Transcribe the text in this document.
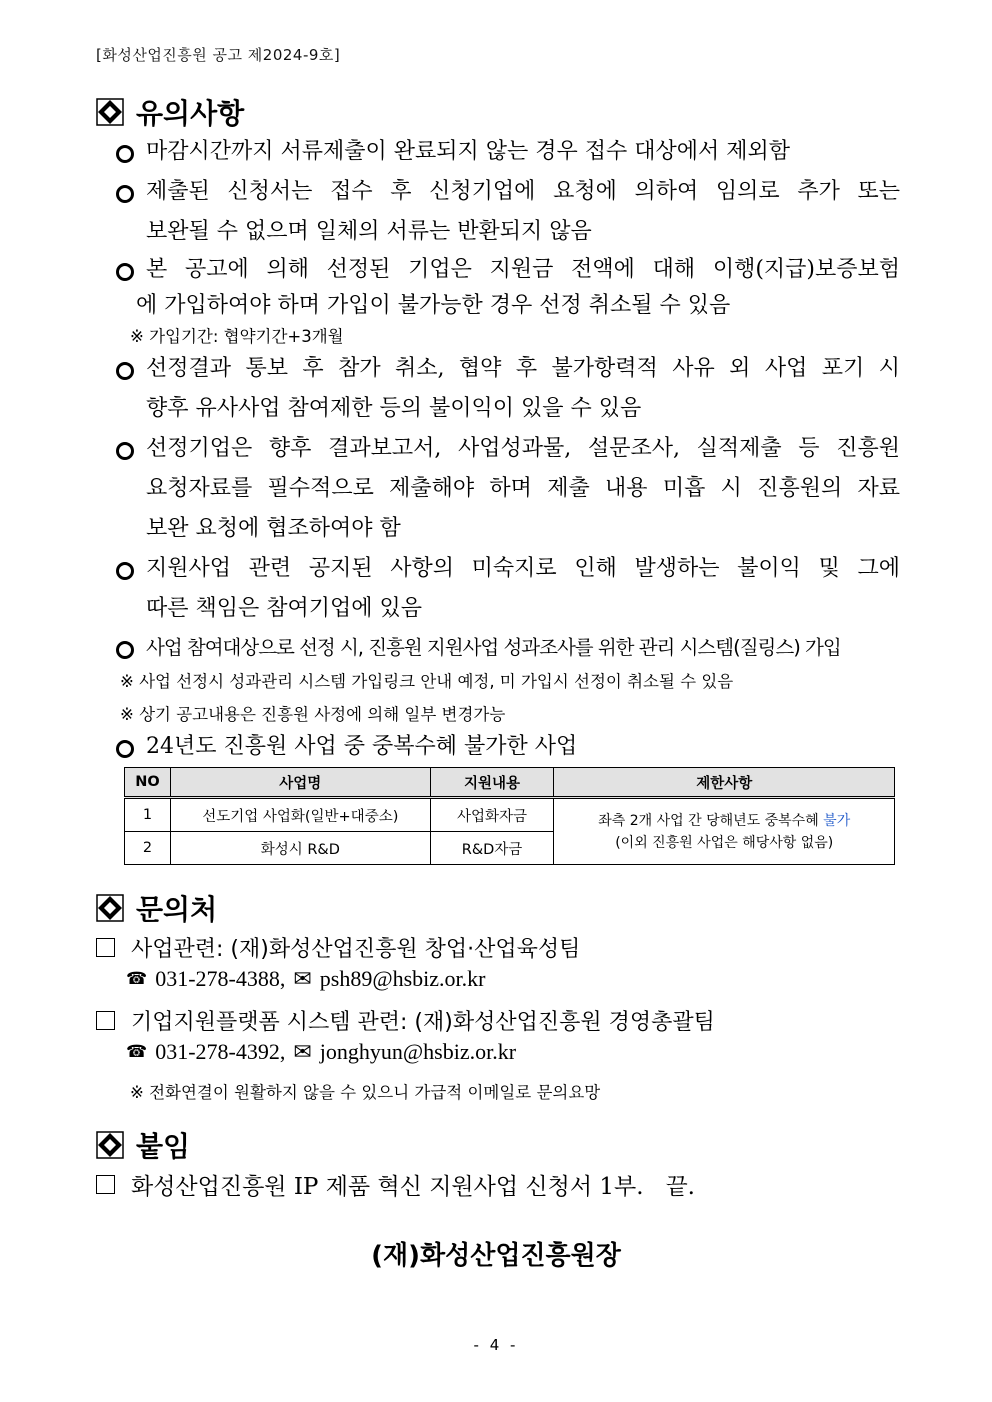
[화성산업진흥원 공고 제2024-9호]
유의사항
마감시간까지 서류제출이 완료되지 않는 경우 접수 대상에서 제외함
제출된 신청서는 접수 후 신청기업에 요청에 의하여 임의로 추가 또는
보완될 수 없으며 일체의 서류는 반환되지 않음
본 공고에 의해 선정된 기업은 지원금 전액에 대해 이행(지급)보증보험
에 가입하여야 하며 가입이 불가능한 경우 선정 취소될 수 있음
※ 가입기간: 협약기간+3개월
선정결과 통보 후 참가 취소, 협약 후 불가항력적 사유 외 사업 포기 시
향후 유사사업 참여제한 등의 불이익이 있을 수 있음
선정기업은 향후 결과보고서, 사업성과물, 설문조사, 실적제출 등 진흥원
요청자료를 필수적으로 제출해야 하며 제출 내용 미흡 시 진흥원의 자료
보완 요청에 협조하여야 함
지원사업 관련 공지된 사항의 미숙지로 인해 발생하는 불이익 및 그에
따른 책임은 참여기업에 있음
사업 참여대상으로 선정 시, 진흥원 지원사업 성과조사를 위한 관리 시스템(질링스) 가입
※ 사업 선정시 성과관리 시스템 가입링크 안내 예정, 미 가입시 선정이 취소될 수 있음
※ 상기 공고내용은 진흥원 사정에 의해 일부 변경가능
24년도 진흥원 사업 중 중복수혜 불가한 사업
NO	사업명	지원내용	제한사항
1	선도기업 사업화(일반+대중소)	사업화자금	좌측 2개 사업 간 당해년도 중복수혜 불가
(이외 진흥원 사업은 해당사항 없음)
2	화성시 R&D	R&D자금	
문의처
사업관련: (재)화성산업진흥원 창업·산업육성팀
☎ 031-278-4388, ✉ psh89@hsbiz.or.kr
기업지원플랫폼 시스템 관련: (재)화성산업진흥원 경영총괄팀
☎ 031-278-4392, ✉ jonghyun@hsbiz.or.kr
※ 전화연결이 원활하지 않을 수 있으니 가급적 이메일로 문의요망
붙임
화성산업진흥원 IP 제품 혁신 지원사업 신청서 1부.   끝.
(재)화성산업진흥원장
- 4 -
